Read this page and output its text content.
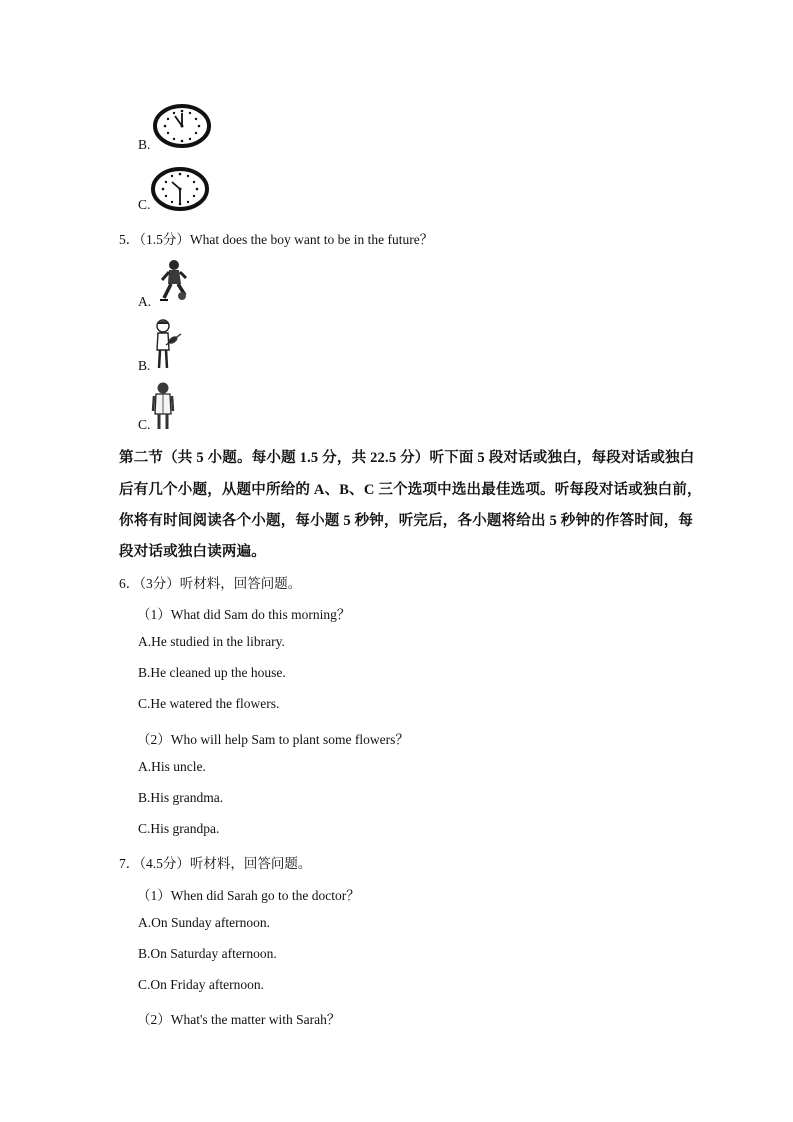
B.
C.
5．（1.5分）What does the boy want to be in the future？
A.
B.
C.
第二节（共 5 小题。每小题 1.5 分，共 22.5 分）听下面 5 段对话或独白，每段对话或独白
后有几个小题，从题中所给的 A、B、C 三个选项中选出最佳选项。听每段对话或独白前，
你将有时间阅读各个小题，每小题 5 秒钟，听完后，各小题将给出 5 秒钟的作答时间，每
段对话或独白读两遍。
6．（3分）听材料，回答问题。
（1）What did Sam do this morning？
A.He studied in the library.
B.He cleaned up the house.
C.He watered the flowers.
（2）Who will help Sam to plant some flowers？
A.His uncle.
B.His grandma.
C.His grandpa.
7．（4.5分）听材料，回答问题。
（1）When did Sarah go to the doctor？
A.On Sunday afternoon.
B.On Saturday afternoon.
C.On Friday afternoon.
（2）What's the matter with Sarah？
